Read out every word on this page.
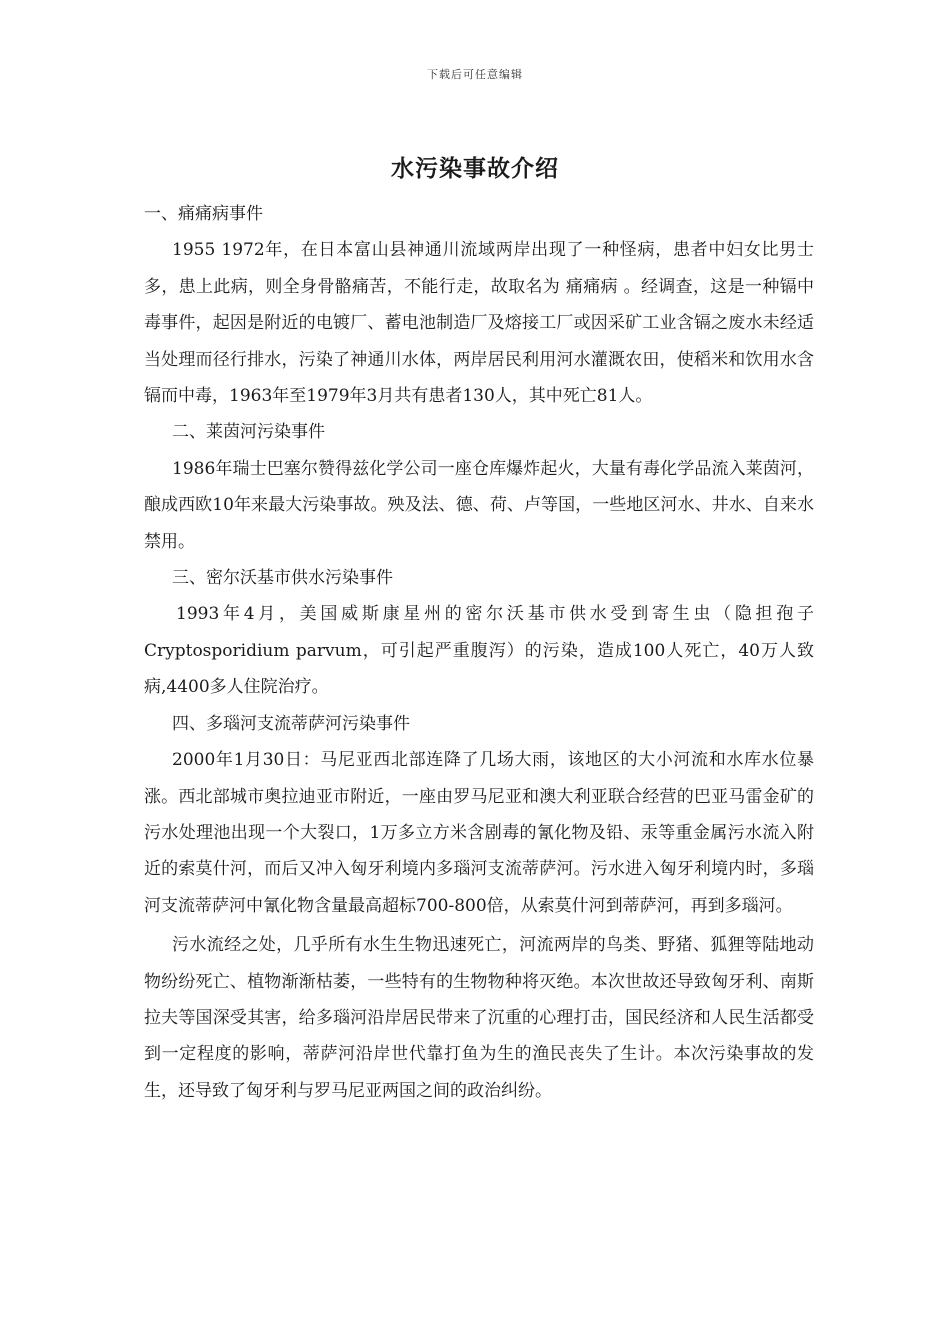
下载后可任意编辑
水污染事故介绍

一、痛痛病事件

1955 1972年，在日本富山县神通川流域两岸出现了一种怪病，患者中妇女比男士多，患上此病，则全身骨骼痛苦，不能行走，故取名为 痛痛病 。经调查，这是一种镉中毒事件，起因是附近的电镀厂、蓄电池制造厂及熔接工厂或因采矿工业含镉之废水未经适当处理而径行排水，污染了神通川水体，两岸居民利用河水灌溉农田，使稻米和饮用水含镉而中毒，1963年至1979年3月共有患者130人，其中死亡81人。

二、莱茵河污染事件

1986年瑞士巴塞尔赞得兹化学公司一座仓库爆炸起火，大量有毒化学品流入莱茵河，酿成西欧10年来最大污染事故。殃及法、德、荷、卢等国，一些地区河水、井水、自来水禁用。

三、密尔沃基市供水污染事件

1993年4月，美国威斯康星州的密尔沃基市供水受到寄生虫（隐担孢子Cryptosporidium parvum，可引起严重腹泻）的污染，造成100人死亡，40万人致病,4400多人住院治疗。

四、多瑙河支流蒂萨河污染事件

2000年1月30日：马尼亚西北部连降了几场大雨，该地区的大小河流和水库水位暴涨。西北部城市奥拉迪亚市附近，一座由罗马尼亚和澳大利亚联合经营的巴亚马雷金矿的污水处理池出现一个大裂口，1万多立方米含剧毒的氰化物及铅、汞等重金属污水流入附近的索莫什河，而后又冲入匈牙利境内多瑙河支流蒂萨河。污水进入匈牙利境内时，多瑙河支流蒂萨河中氰化物含量最高超标700-800倍，从索莫什河到蒂萨河，再到多瑙河。

污水流经之处，几乎所有水生生物迅速死亡，河流两岸的鸟类、野猪、狐狸等陆地动物纷纷死亡、植物渐渐枯萎，一些特有的生物物种将灭绝。本次世故还导致匈牙利、南斯拉夫等国深受其害，给多瑙河沿岸居民带来了沉重的心理打击，国民经济和人民生活都受到一定程度的影响，蒂萨河沿岸世代靠打鱼为生的渔民丧失了生计。本次污染事故的发生，还导致了匈牙利与罗马尼亚两国之间的政治纠纷。
